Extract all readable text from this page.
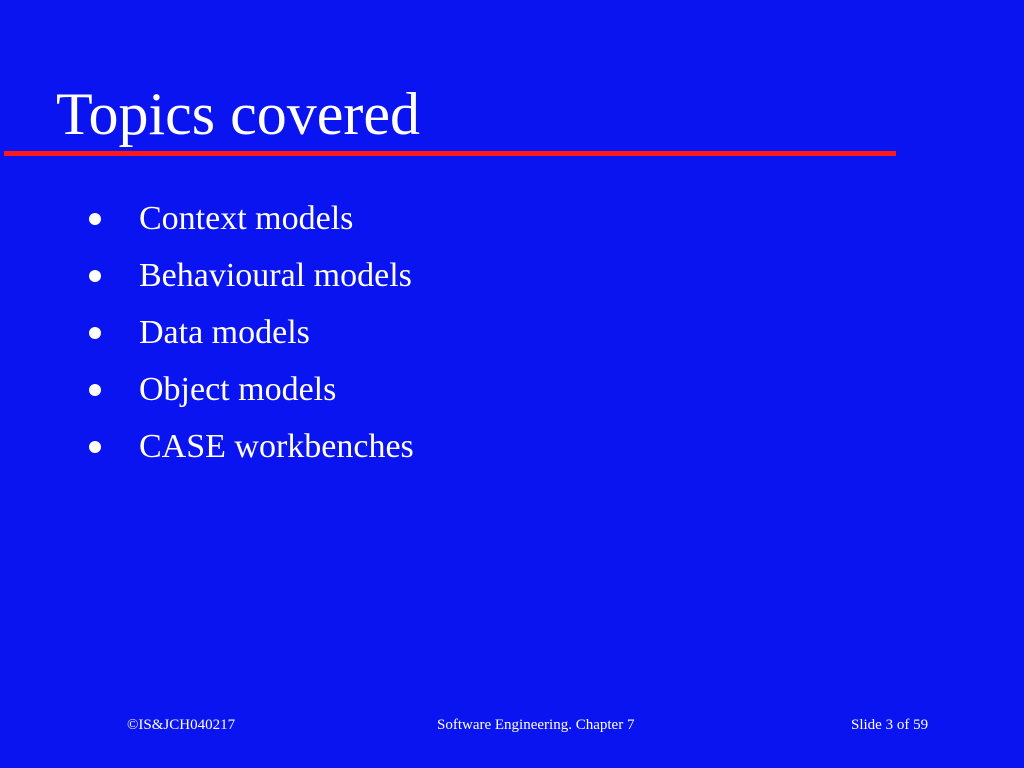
Topics covered
Context models
Behavioural models
Data models
Object models
CASE workbenches
©IS&JCH040217	Software Engineering. Chapter 7	Slide 3 of 59
